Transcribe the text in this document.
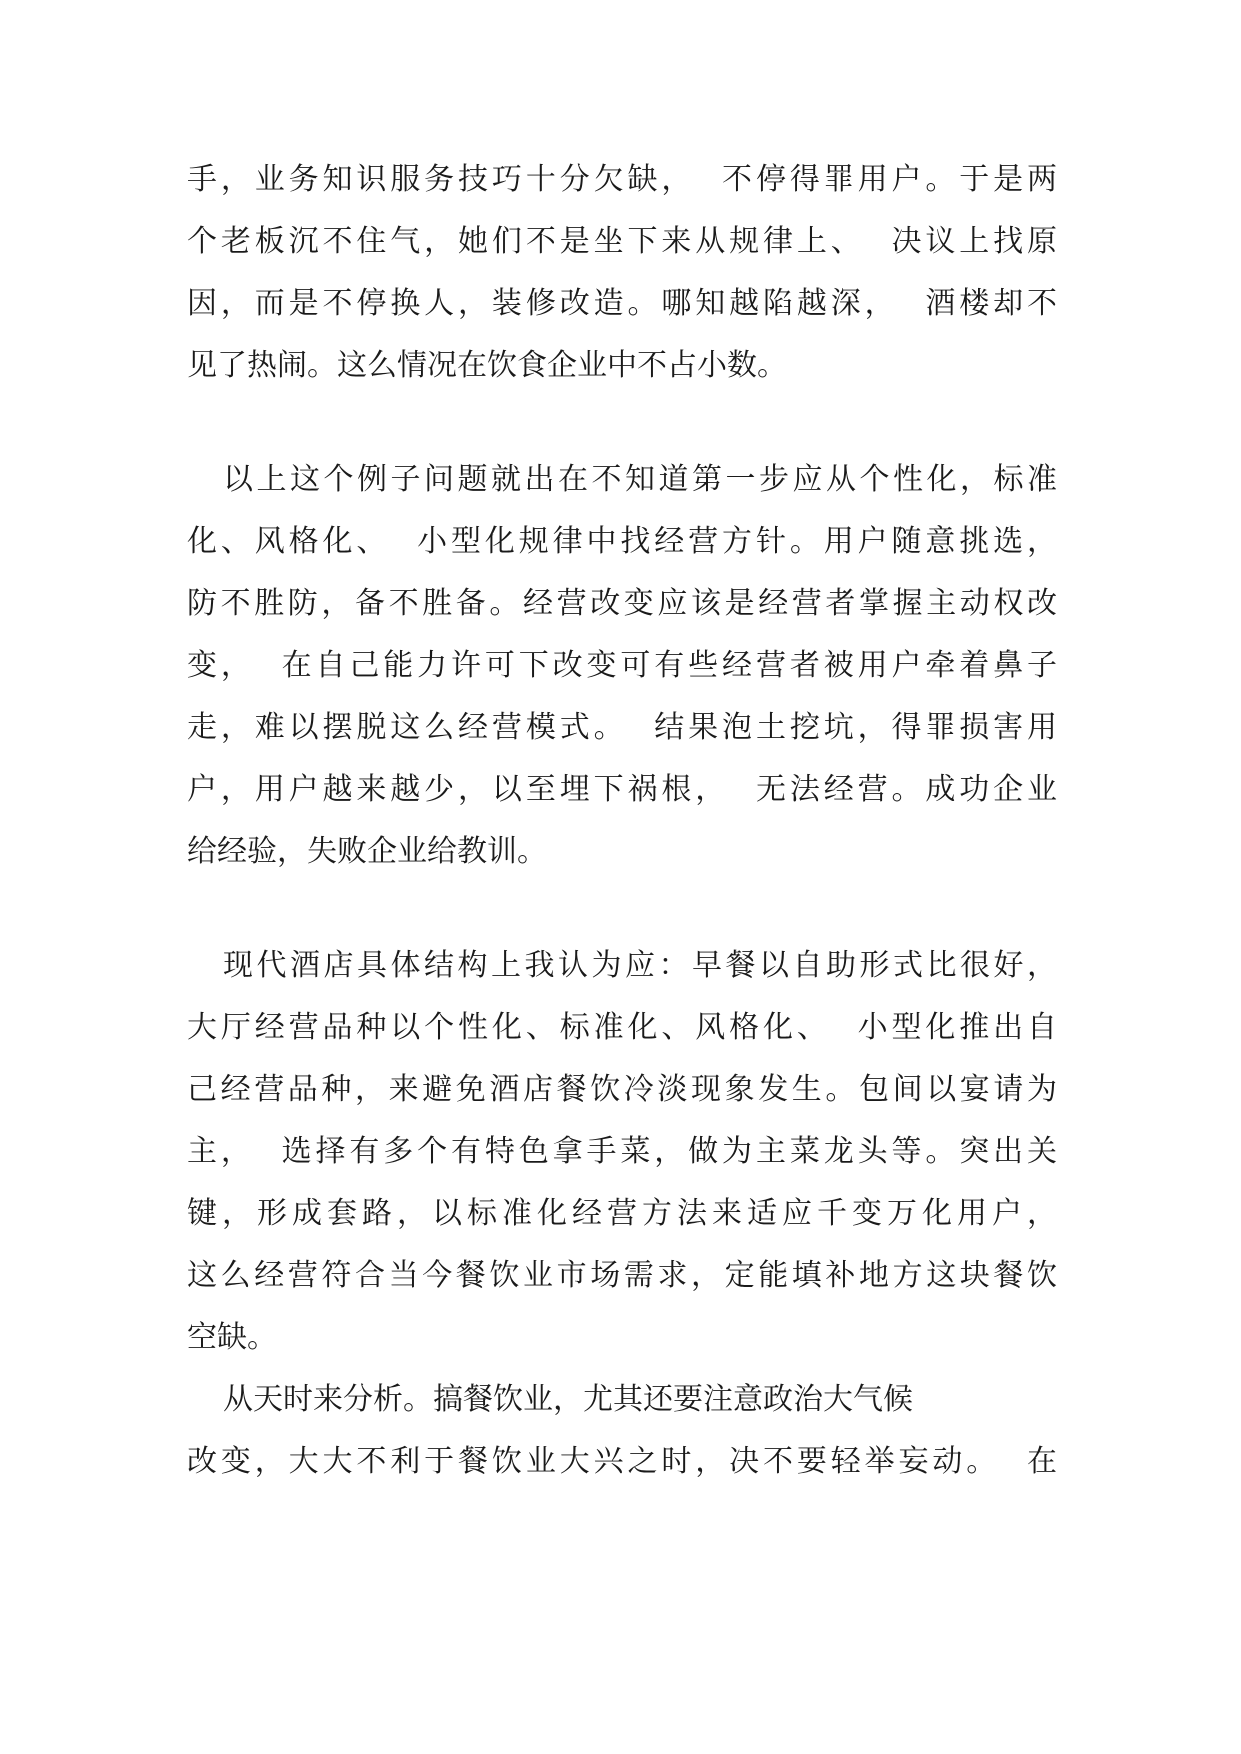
手，业务知识服务技巧十分欠缺，  不停得罪用户。于是两
个老板沉不住气，她们不是坐下来从规律上、  决议上找原
因，而是不停换人，装修改造。哪知越陷越深，  酒楼却不
见了热闹。这么情况在饮食企业中不占小数。
以上这个例子问题就出在不知道第一步应从个性化，标准
化、风格化、  小型化规律中找经营方针。用户随意挑选，
防不胜防，备不胜备。经营改变应该是经营者掌握主动权改
变，  在自己能力许可下改变可有些经营者被用户牵着鼻子
走，难以摆脱这么经营模式。  结果泡土挖坑，得罪损害用
户，用户越来越少，以至埋下祸根，  无法经营。成功企业
给经验，失败企业给教训。
现代酒店具体结构上我认为应：早餐以自助形式比很好，
大厅经营品种以个性化、标准化、风格化、  小型化推出自
己经营品种，来避免酒店餐饮冷淡现象发生。包间以宴请为
主，  选择有多个有特色拿手菜，做为主菜龙头等。突出关
键，形成套路，以标准化经营方法来适应千变万化用户，
这么经营符合当今餐饮业市场需求，定能填补地方这块餐饮
空缺。
从天时来分析。搞餐饮业，尤其还要注意政治大气候
改变，大大不利于餐饮业大兴之时，决不要轻举妄动。  在
